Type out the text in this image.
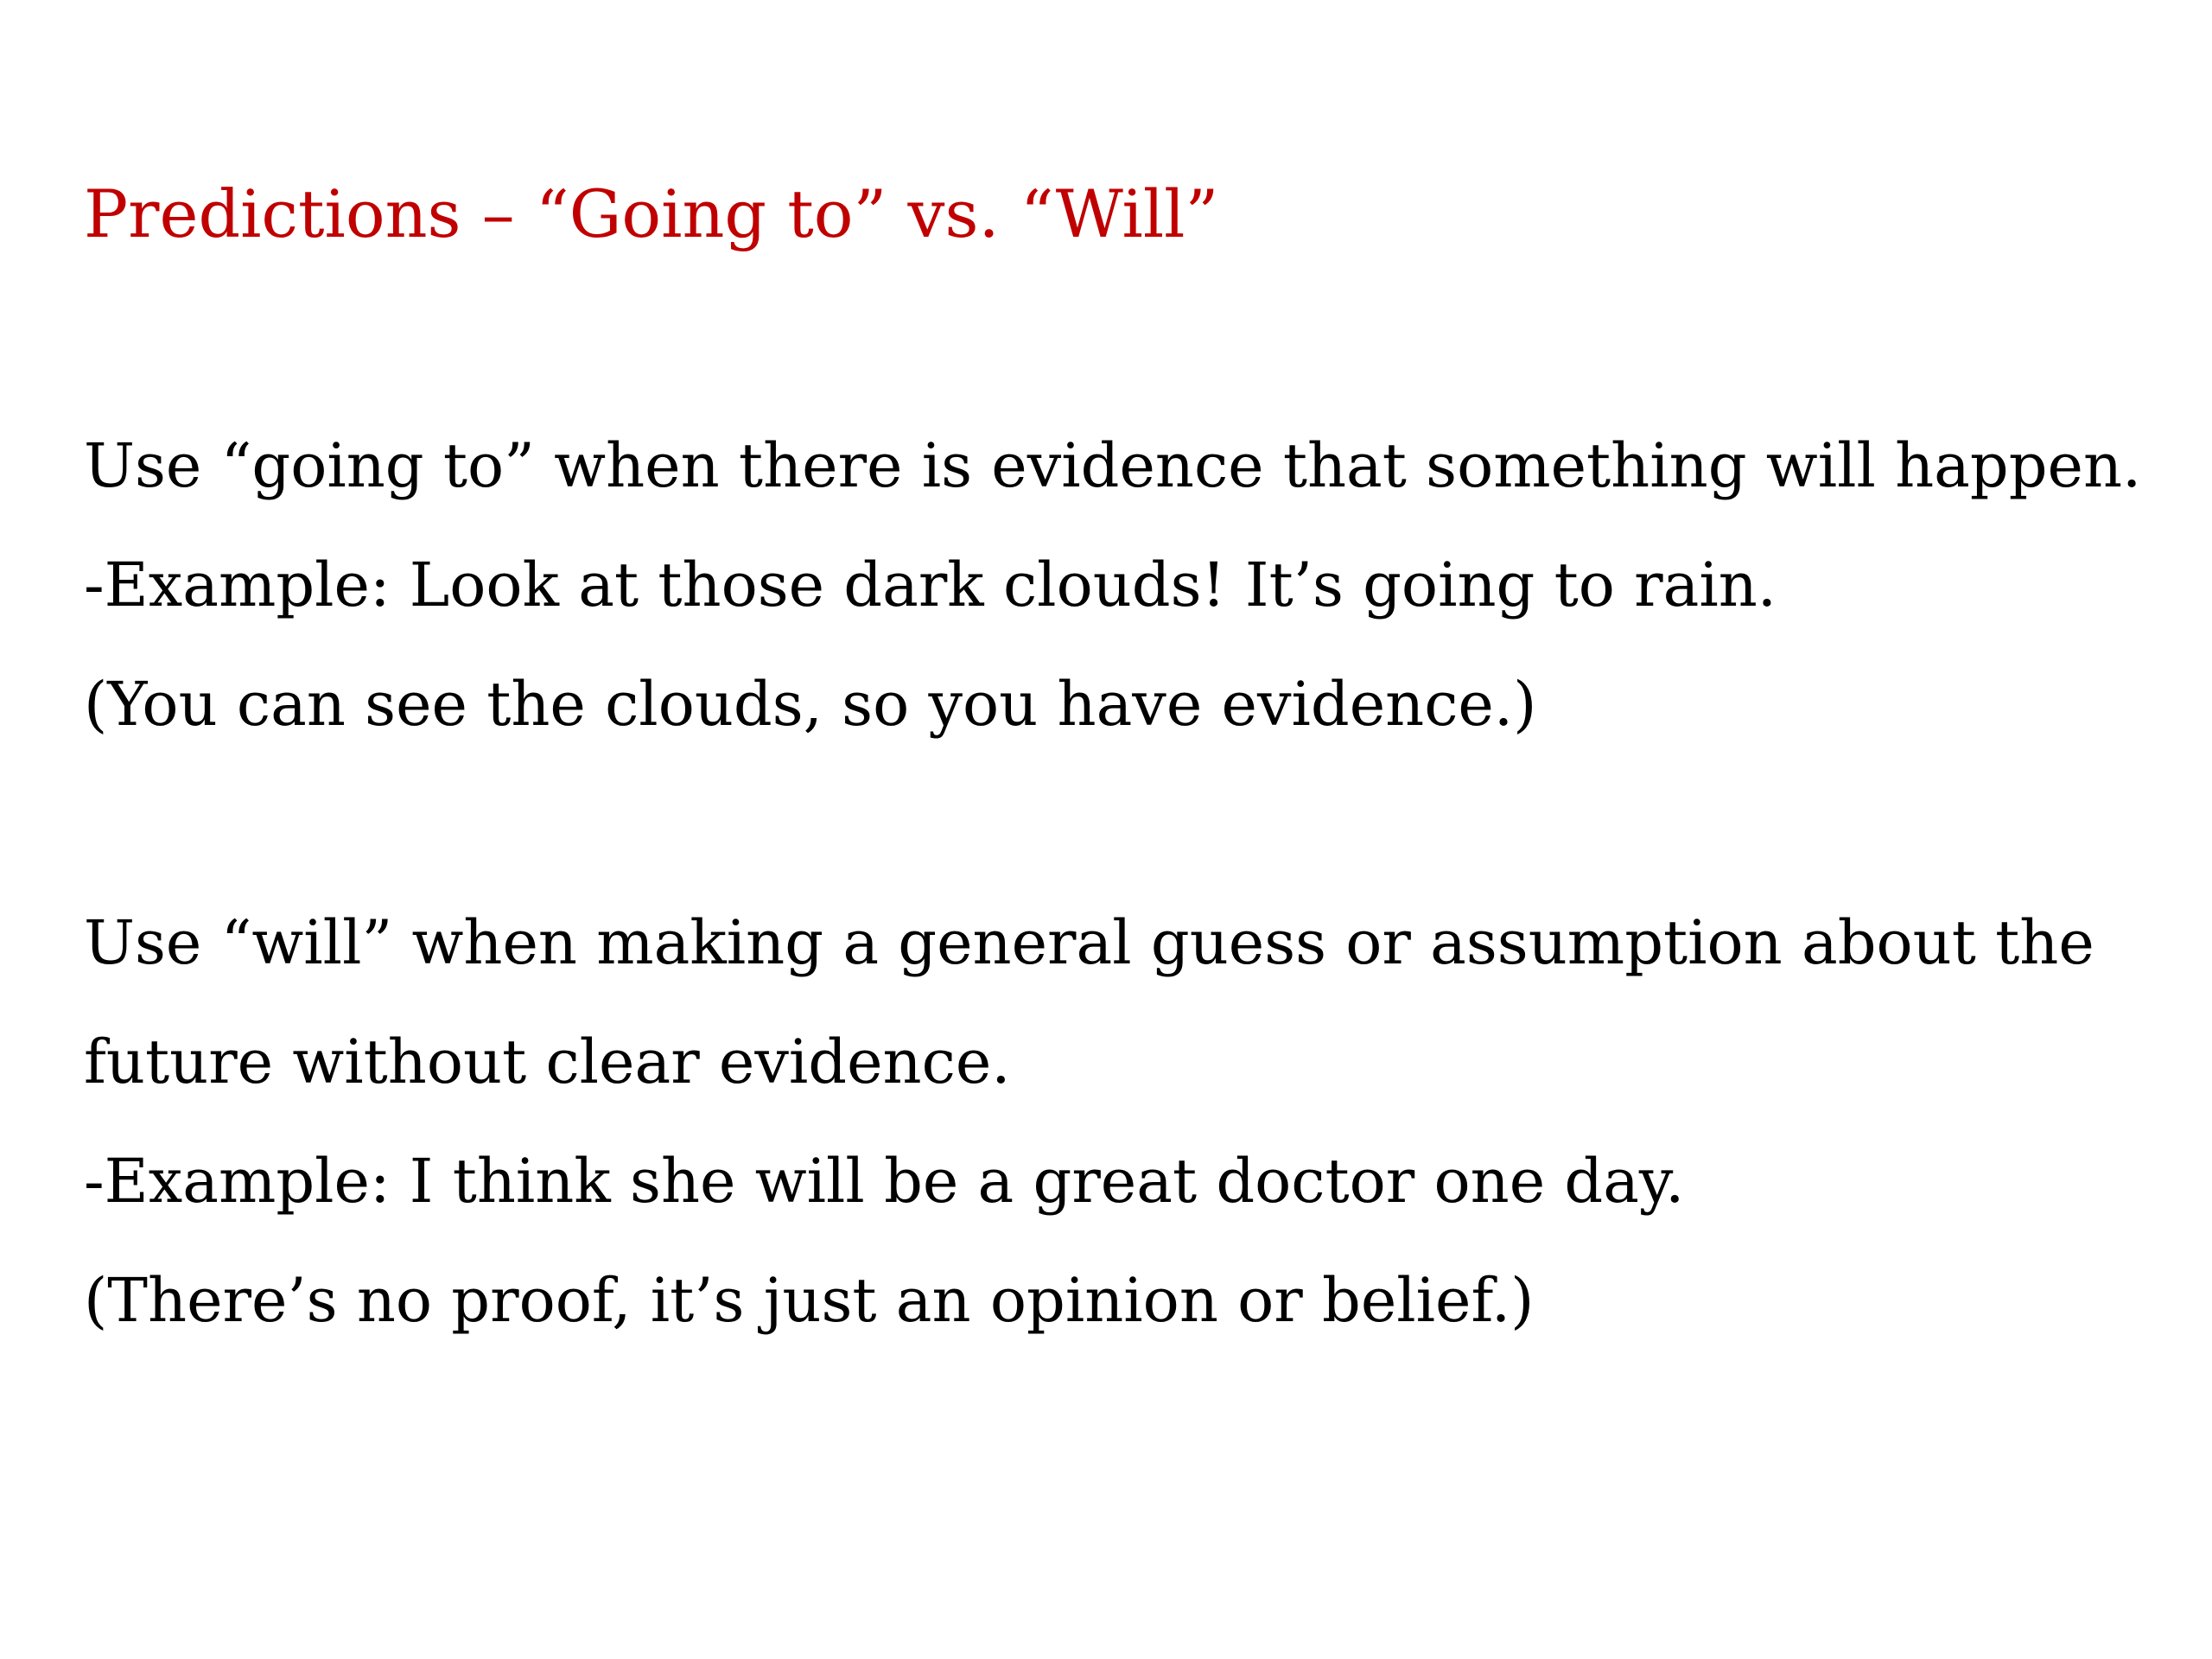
Predictions – “Going to” vs. “Will”

Use “going to” when there is evidence that something will happen.

-Example: Look at those dark clouds! It’s going to rain.

(You can see the clouds, so you have evidence.)

Use “will” when making a general guess or assumption about the

future without clear evidence.

-Example: I think she will be a great doctor one day.

(There’s no proof, it’s just an opinion or belief.)
